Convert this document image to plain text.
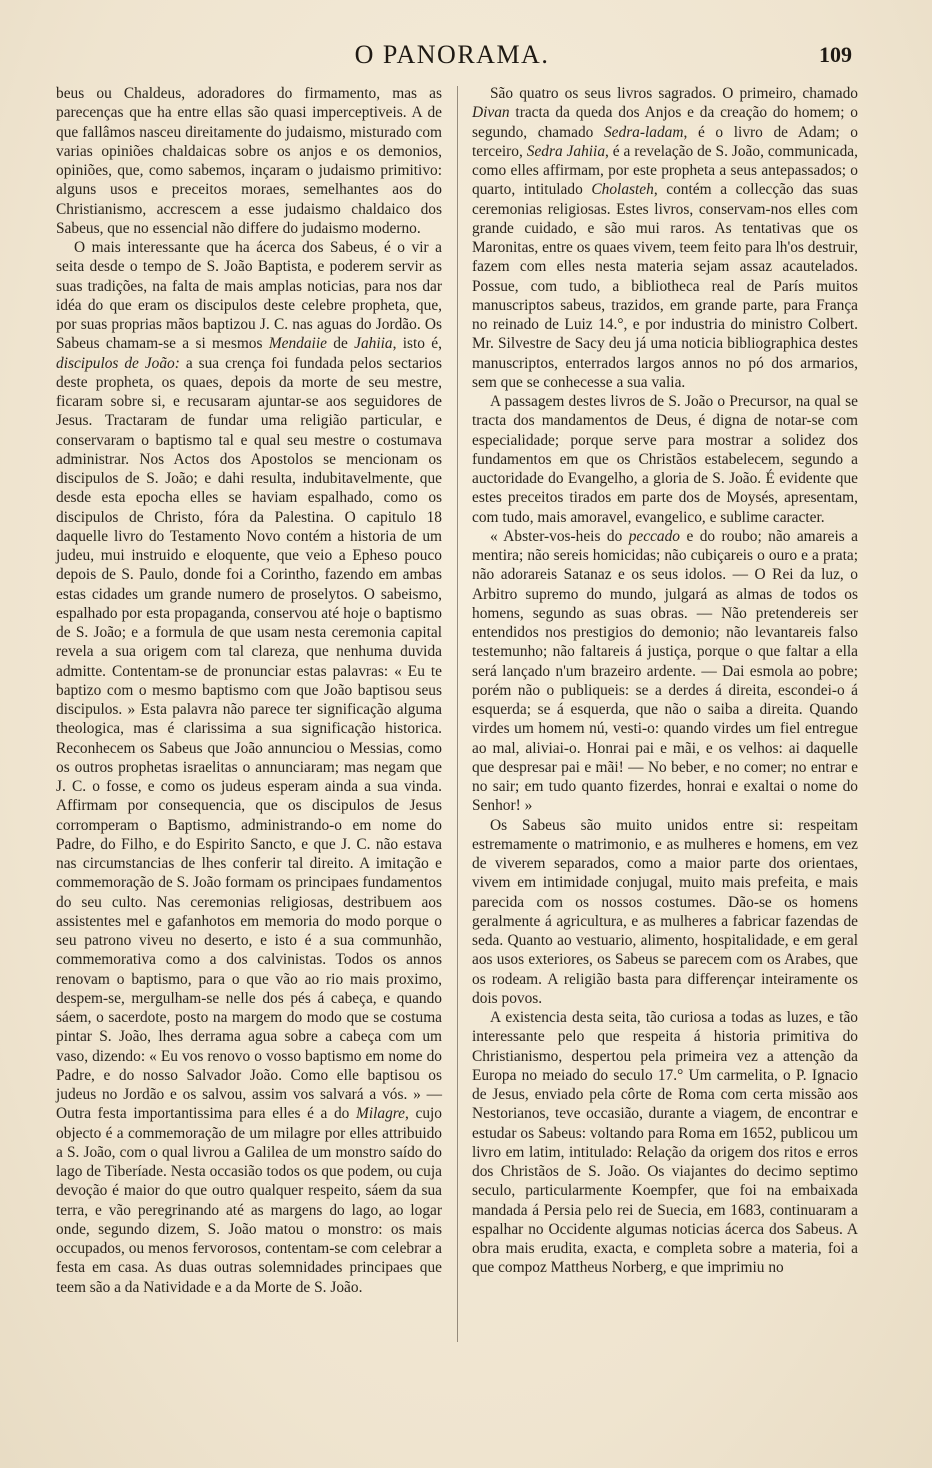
O PANORAMA.	109

beus ou Chaldeus, adoradores do firmamento, mas as parecenças que ha entre ellas são quasi imperceptiveis. A de que fallâmos nasceu direitamente do judaismo, misturado com varias opiniões chaldaicas sobre os anjos e os demonios, opiniões, que, como sabemos, inçaram o judaismo primitivo: alguns usos e preceitos moraes, semelhantes aos do Christianismo, accrescem a esse judaismo chaldaico dos Sabeus, que no essencial não differe do judaismo moderno.

O mais interessante que ha ácerca dos Sabeus, é o vir a seita desde o tempo de S. João Baptista, e poderem servir as suas tradições, na falta de mais amplas noticias, para nos dar idéa do que eram os discipulos deste celebre propheta, que, por suas proprias mãos baptizou J. C. nas aguas do Jordão. Os Sabeus chamam-se a si mesmos Mendaiie de Jahiia, isto é, discipulos de João: a sua crença foi fundada pelos sectarios deste propheta, os quaes, depois da morte de seu mestre, ficaram sobre si, e recusaram ajuntar-se aos seguidores de Jesus. Tractaram de fundar uma religião particular, e conservaram o baptismo tal e qual seu mestre o costumava administrar. Nos Actos dos Apostolos se mencionam os discipulos de S. João; e dahi resulta, indubitavelmente, que desde esta epocha elles se haviam espalhado, como os discipulos de Christo, fóra da Palestina. O capitulo 18 daquelle livro do Testamento Novo contém a historia de um judeu, mui instruido e eloquente, que veio a Epheso pouco depois de S. Paulo, donde foi a Corintho, fazendo em ambas estas cidades um grande numero de proselytos. O sabeismo, espalhado por esta propaganda, conservou até hoje o baptismo de S. João; e a formula de que usam nesta ceremonia capital revela a sua origem com tal clareza, que nenhuma duvida admitte. Contentam-se de pronunciar estas palavras: « Eu te baptizo com o mesmo baptismo com que João baptisou seus discipulos. » Esta palavra não parece ter significação alguma theologica, mas é clarissima a sua significação historica. Reconhecem os Sabeus que João annunciou o Messias, como os outros prophetas israelitas o annunciaram; mas negam que J. C. o fosse, e como os judeus esperam ainda a sua vinda. Affirmam por consequencia, que os discipulos de Jesus corromperam o Baptismo, administrando-o em nome do Padre, do Filho, e do Espirito Sancto, e que J. C. não estava nas circumstancias de lhes conferir tal direito. A imitação e commemoração de S. João formam os principaes fundamentos do seu culto. Nas ceremonias religiosas, destribuem aos assistentes mel e gafanhotos em memoria do modo porque o seu patrono viveu no deserto, e isto é a sua communhão, commemorativa como a dos calvinistas. Todos os annos renovam o baptismo, para o que vão ao rio mais proximo, despem-se, mergulham-se nelle dos pés á cabeça, e quando sáem, o sacerdote, posto na margem do modo que se costuma pintar S. João, lhes derrama agua sobre a cabeça com um vaso, dizendo: « Eu vos renovo o vosso baptismo em nome do Padre, e do nosso Salvador João. Como elle baptisou os judeus no Jordão e os salvou, assim vos salvará a vós. » — Outra festa importantissima para elles é a do Milagre, cujo objecto é a commemoração de um milagre por elles attribuido a S. João, com o qual livrou a Galilea de um monstro saído do lago de Tiberíade. Nesta occasião todos os que podem, ou cuja devoção é maior do que outro qualquer respeito, sáem da sua terra, e vão peregrinando até as margens do lago, ao logar onde, segundo dizem, S. João matou o monstro: os mais occupados, ou menos fervorosos, contentam-se com celebrar a festa em casa. As duas outras solemnidades principaes que teem são a da Natividade e a da Morte de S. João.

São quatro os seus livros sagrados. O primeiro, chamado Divan tracta da queda dos Anjos e da creação do homem; o segundo, chamado Sedra-ladam, é o livro de Adam; o terceiro, Sedra Jahiia, é a revelação de S. João, communicada, como elles affirmam, por este propheta a seus antepassados; o quarto, intitulado Cholasteh, contém a collecção das suas ceremonias religiosas. Estes livros, conservam-nos elles com grande cuidado, e são mui raros. As tentativas que os Maronitas, entre os quaes vivem, teem feito para lh'os destruir, fazem com elles nesta materia sejam assaz acautelados. Possue, com tudo, a bibliotheca real de París muitos manuscriptos sabeus, trazidos, em grande parte, para França no reinado de Luiz 14.°, e por industria do ministro Colbert. Mr. Silvestre de Sacy deu já uma noticia bibliographica destes manuscriptos, enterrados largos annos no pó dos armarios, sem que se conhecesse a sua valia.

A passagem destes livros de S. João o Precursor, na qual se tracta dos mandamentos de Deus, é digna de notar-se com especialidade; porque serve para mostrar a solidez dos fundamentos em que os Christãos estabelecem, segundo a auctoridade do Evangelho, a gloria de S. João. É evidente que estes preceitos tirados em parte dos de Moysés, apresentam, com tudo, mais amoravel, evangelico, e sublime caracter.

« Abster-vos-heis do peccado e do roubo; não amareis a mentira; não sereis homicidas; não cubiçareis o ouro e a prata; não adorareis Satanaz e os seus idolos. — O Rei da luz, o Arbitro supremo do mundo, julgará as almas de todos os homens, segundo as suas obras. — Não pretendereis ser entendidos nos prestigios do demonio; não levantareis falso testemunho; não faltareis á justiça, porque o que faltar a ella será lançado n'um brazeiro ardente. — Dai esmola ao pobre; porém não o publiqueis: se a derdes á direita, escondei-o á esquerda; se á esquerda, que não o saiba a direita. Quando virdes um homem nú, vesti-o: quando virdes um fiel entregue ao mal, aliviai-o. Honrai pai e mãi, e os velhos: ai daquelle que despresar pai e mãi! — No beber, e no comer; no entrar e no sair; em tudo quanto fizerdes, honrai e exaltai o nome do Senhor! »

Os Sabeus são muito unidos entre si: respeitam estremamente o matrimonio, e as mulheres e homens, em vez de viverem separados, como a maior parte dos orientaes, vivem em intimidade conjugal, muito mais prefeita, e mais parecida com os nossos costumes. Dão-se os homens geralmente á agricultura, e as mulheres a fabricar fazendas de seda. Quanto ao vestuario, alimento, hospitalidade, e em geral aos usos exteriores, os Sabeus se parecem com os Arabes, que os rodeam. A religião basta para differençar inteiramente os dois povos.

A existencia desta seita, tão curiosa a todas as luzes, e tão interessante pelo que respeita á historia primitiva do Christianismo, despertou pela primeira vez a attenção da Europa no meiado do seculo 17.° Um carmelita, o P. Ignacio de Jesus, enviado pela côrte de Roma com certa missão aos Nestorianos, teve occasião, durante a viagem, de encontrar e estudar os Sabeus: voltando para Roma em 1652, publicou um livro em latim, intitulado: Relação da origem dos ritos e erros dos Christãos de S. João. Os viajantes do decimo septimo seculo, particularmente Koempfer, que foi na embaixada mandada á Persia pelo rei de Suecia, em 1683, continuaram a espalhar no Occidente algumas noticias ácerca dos Sabeus. A obra mais erudita, exacta, e completa sobre a materia, foi a que compoz Mattheus Norberg, e que imprimiu no
